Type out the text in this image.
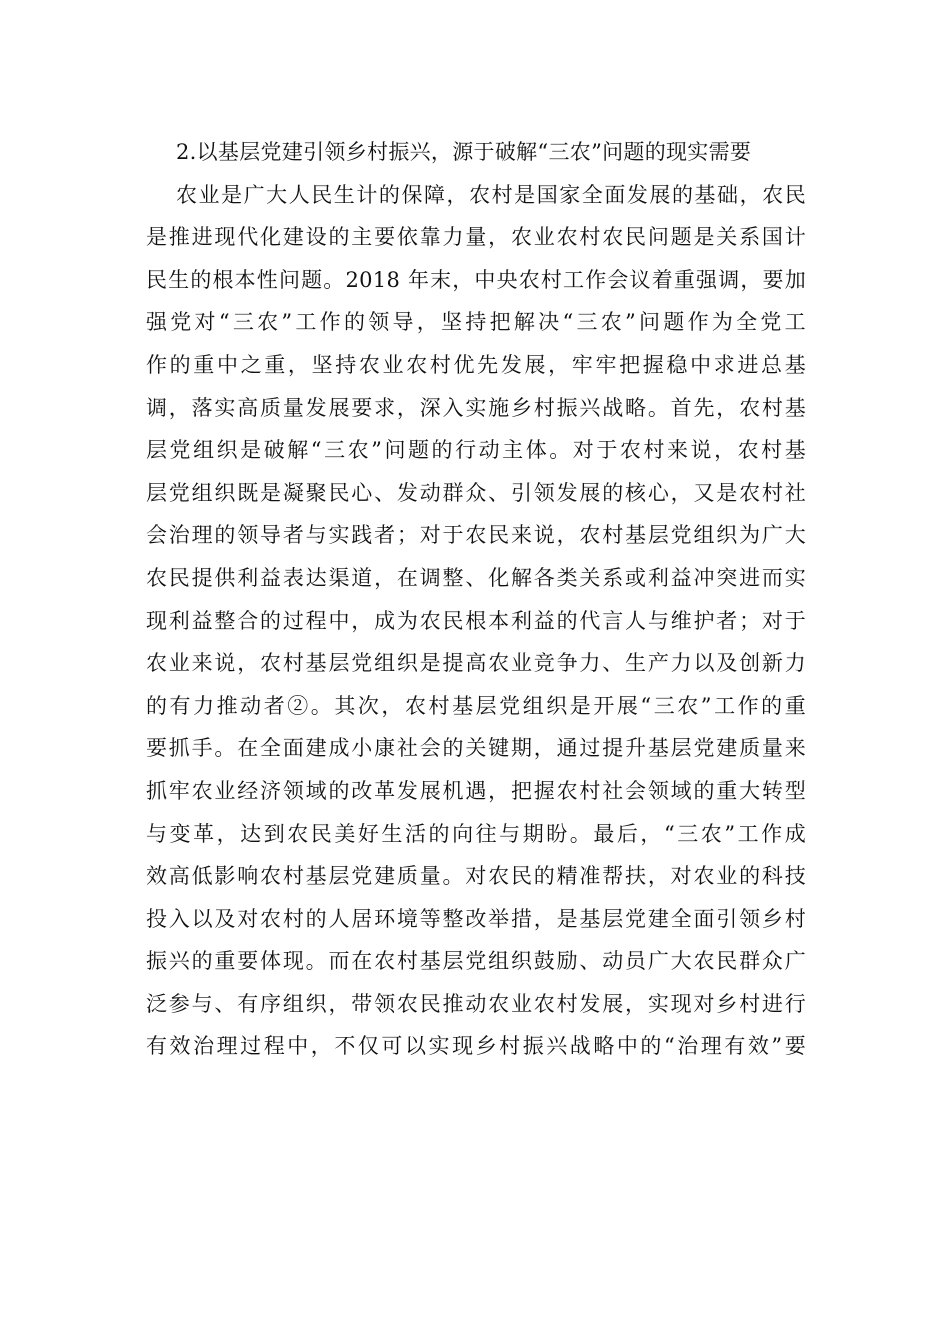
2.以基层党建引领乡村振兴，源于破解“三农”问题的现实需要
农业是广大人民生计的保障，农村是国家全面发展的基础，农民
是推进现代化建设的主要依靠力量，农业农村农民问题是关系国计
民生的根本性问题。2018 年末，中央农村工作会议着重强调，要加
强党对“三农”工作的领导，坚持把解决“三农”问题作为全党工
作的重中之重，坚持农业农村优先发展，牢牢把握稳中求进总基
调，落实高质量发展要求，深入实施乡村振兴战略。首先，农村基
层党组织是破解“三农”问题的行动主体。对于农村来说，农村基
层党组织既是凝聚民心、发动群众、引领发展的核心，又是农村社
会治理的领导者与实践者；对于农民来说，农村基层党组织为广大
农民提供利益表达渠道，在调整、化解各类关系或利益冲突进而实
现利益整合的过程中，成为农民根本利益的代言人与维护者；对于
农业来说，农村基层党组织是提高农业竞争力、生产力以及创新力
的有力推动者②。其次，农村基层党组织是开展“三农”工作的重
要抓手。在全面建成小康社会的关键期，通过提升基层党建质量来
抓牢农业经济领域的改革发展机遇，把握农村社会领域的重大转型
与变革，达到农民美好生活的向往与期盼。最后，“三农”工作成
效高低影响农村基层党建质量。对农民的精准帮扶，对农业的科技
投入以及对农村的人居环境等整改举措，是基层党建全面引领乡村
振兴的重要体现。而在农村基层党组织鼓励、动员广大农民群众广
泛参与、有序组织，带领农民推动农业农村发展，实现对乡村进行
有效治理过程中，不仅可以实现乡村振兴战略中的“治理有效”要
